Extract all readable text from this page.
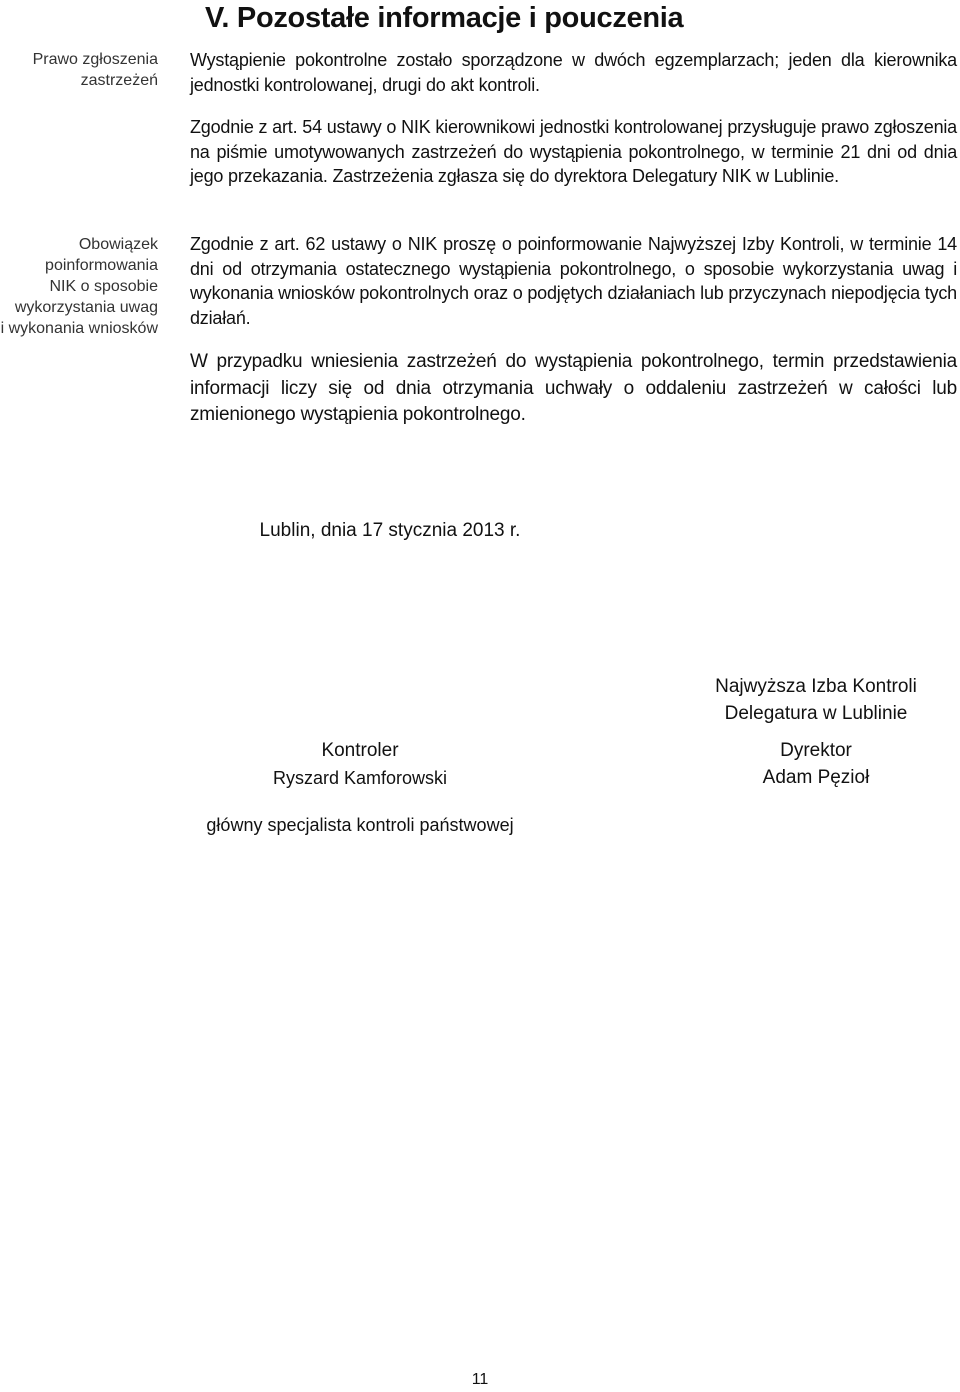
V. Pozostałe informacje i pouczenia
Prawo zgłoszenia
zastrzeżeń
Obowiązek
poinformowania
NIK o sposobie
wykorzystania uwag
i wykonania wniosków

Wystąpienie pokontrolne zostało sporządzone w dwóch egzemplarzach; jeden dla kierownika jednostki kontrolowanej, drugi do akt kontroli.

Zgodnie z art. 54 ustawy o NIK kierownikowi jednostki kontrolowanej przysługuje prawo zgłoszenia na piśmie umotywowanych zastrzeżeń do wystąpienia pokontrolnego, w terminie 21 dni od dnia jego przekazania. Zastrzeżenia zgłasza się do dyrektora Delegatury NIK w Lublinie.

Zgodnie z art. 62 ustawy o NIK proszę o poinformowanie Najwyższej Izby Kontroli, w terminie 14 dni od otrzymania ostatecznego wystąpienia pokontrolnego, o sposobie wykorzystania uwag i wykonania wniosków pokontrolnych oraz o podjętych działaniach lub przyczynach niepodjęcia tych działań.

W przypadku wniesienia zastrzeżeń do wystąpienia pokontrolnego, termin przedstawienia informacji liczy się od dnia otrzymania uchwały o oddaleniu zastrzeżeń w całości lub zmienionego wystąpienia pokontrolnego.

Lublin, dnia 17 stycznia 2013 r.
Najwyższa Izba Kontroli
Delegatura w Lublinie
Dyrektor
Adam Pęzioł
Kontroler
Ryszard Kamforowski
główny specjalista kontroli państwowej
11
